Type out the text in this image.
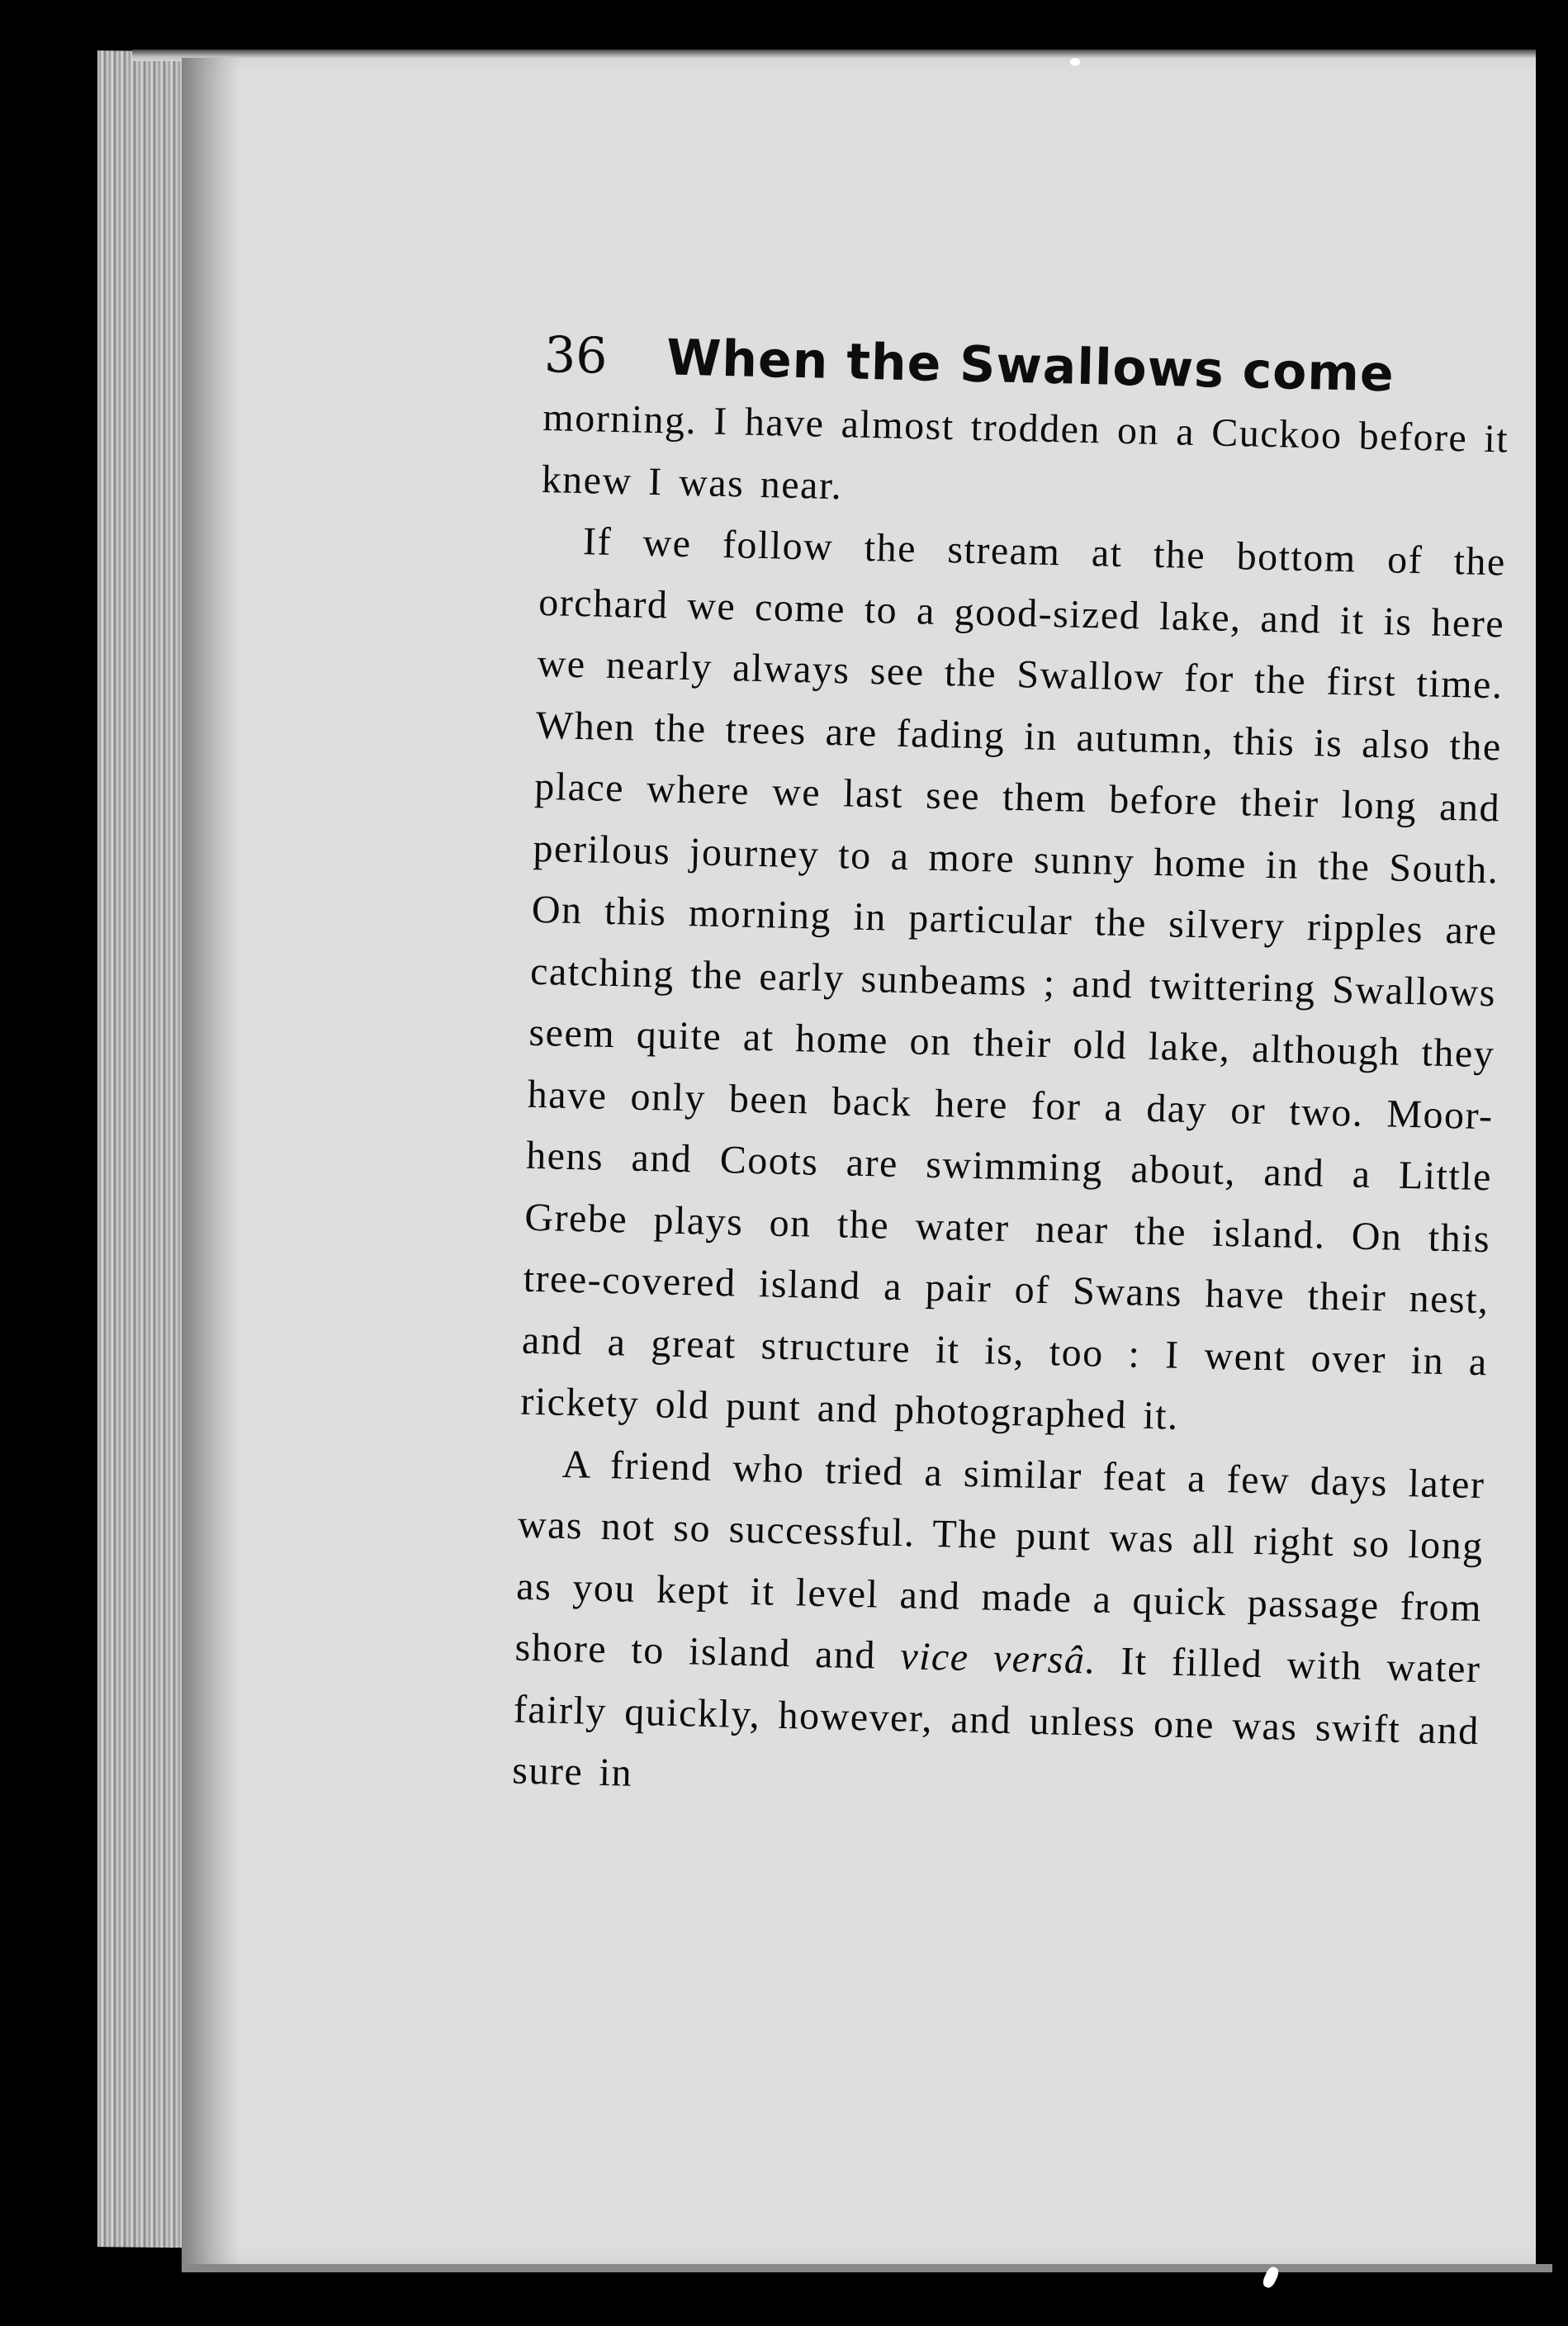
36	When the Swallows come

morning. I have almost trodden on a Cuckoo before it knew I was near.

If we follow the stream at the bottom of the orchard we come to a good-sized lake, and it is here we nearly always see the Swallow for the first time. When the trees are fading in autumn, this is also the place where we last see them before their long and perilous journey to a more sunny home in the South. On this morning in particular the silvery ripples are catching the early sunbeams ; and twittering Swallows seem quite at home on their old lake, although they have only been back here for a day or two. Moor-hens and Coots are swimming about, and a Little Grebe plays on the water near the island. On this tree-covered island a pair of Swans have their nest, and a great structure it is, too : I went over in a rickety old punt and photographed it.

A friend who tried a similar feat a few days later was not so successful. The punt was all right so long as you kept it level and made a quick passage from shore to island and vice versâ. It filled with water fairly quickly, however, and unless one was swift and sure in
